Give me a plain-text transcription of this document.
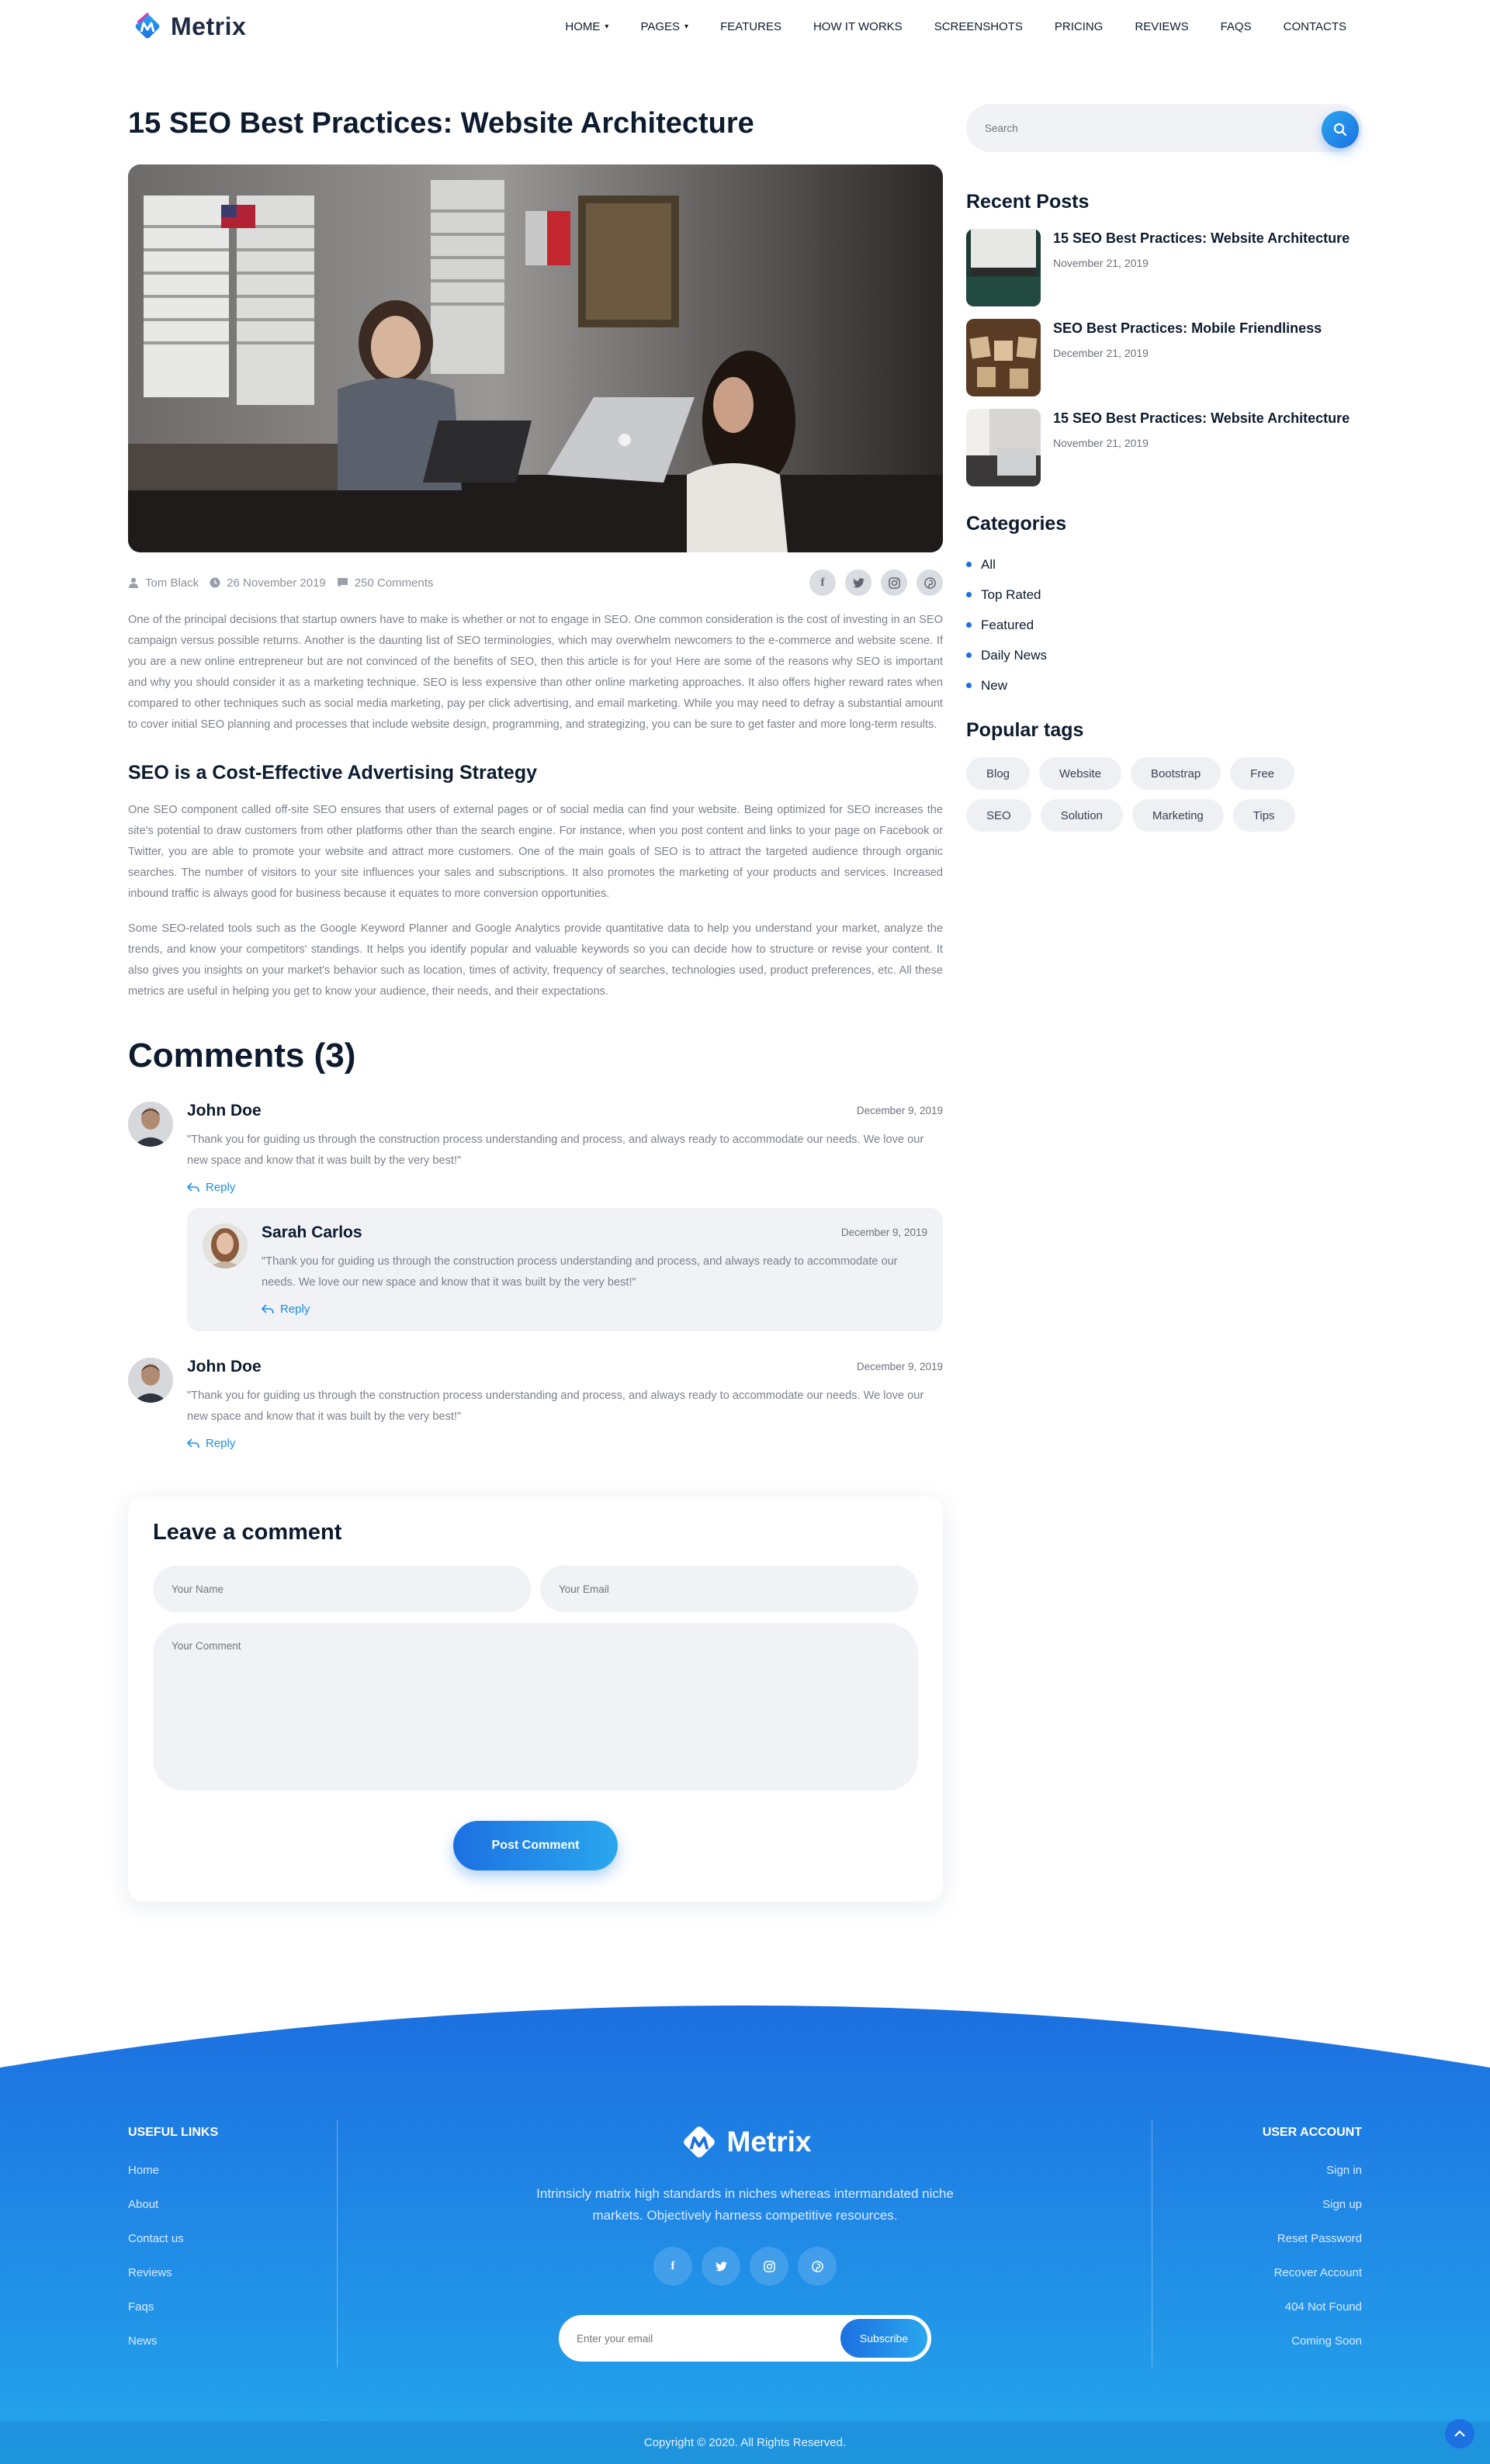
Metrix	HOME ▾	PAGES ▾	FEATURES	HOW IT WORKS	SCREENSHOTS	PRICING	REVIEWS	FAQS	CONTACTS
15 SEO Best Practices: Website Architecture
Tom Black 26 November 2019 250 Comments	f

One of the principal decisions that startup owners have to make is whether or not to engage in SEO. One common consideration is the cost of investing in an SEO campaign versus possible returns. Another is the daunting list of SEO terminologies, which may overwhelm newcomers to the e-commerce and website scene. If you are a new online entrepreneur but are not convinced of the benefits of SEO, then this article is for you! Here are some of the reasons why SEO is important and why you should consider it as a marketing technique. SEO is less expensive than other online marketing approaches. It also offers higher reward rates when compared to other techniques such as social media marketing, pay per click advertising, and email marketing. While you may need to defray a substantial amount to cover initial SEO planning and processes that include website design, programming, and strategizing, you can be sure to get faster and more long-term results.

SEO is a Cost-Effective Advertising Strategy

One SEO component called off-site SEO ensures that users of external pages or of social media can find your website. Being optimized for SEO increases the site's potential to draw customers from other platforms other than the search engine. For instance, when you post content and links to your page on Facebook or Twitter, you are able to promote your website and attract more customers. One of the main goals of SEO is to attract the targeted audience through organic searches. The number of visitors to your site influences your sales and subscriptions. It also promotes the marketing of your products and services. Increased inbound traffic is always good for business because it equates to more conversion opportunities.

Some SEO-related tools such as the Google Keyword Planner and Google Analytics provide quantitative data to help you understand your market, analyze the trends, and know your competitors' standings. It helps you identify popular and valuable keywords so you can decide how to structure or revise your content. It also gives you insights on your market's behavior such as location, times of activity, frequency of searches, technologies used, product preferences, etc. All these metrics are useful in helping you get to know your audience, their needs, and their expectations.

Comments (3)
John Doe	December 9, 2019

"Thank you for guiding us through the construction process understanding and process, and always ready to accommodate our needs. We love our new space and know that it was built by the very best!"

Reply
Sarah Carlos	December 9, 2019

"Thank you for guiding us through the construction process understanding and process, and always ready to accommodate our needs. We love our new space and know that it was built by the very best!"

Reply
John Doe	December 9, 2019

"Thank you for guiding us through the construction process understanding and process, and always ready to accommodate our needs. We love our new space and know that it was built by the very best!"

Reply
Leave a comment
Your Name
Your Email
Your Comment
Post Comment
Search
Recent Posts
15 SEO Best Practices: Website Architecture
November 21, 2019
SEO Best Practices: Mobile Friendliness
December 21, 2019
15 SEO Best Practices: Website Architecture
November 21, 2019
Categories
All
Top Rated
Featured
Daily News
New
Popular tags
Blog	Website	Bootstrap	Free
SEO	Solution	Marketing	Tips
USEFUL LINKS
Home
About
Contact us
Reviews
Faqs
News
Metrix

Intrinsicly matrix high standards in niches whereas intermandated niche markets. Objectively harness competitive resources.

f
Enter your email
Subscribe
USER ACCOUNT
Sign in
Sign up
Reset Password
Recover Account
404 Not Found
Coming Soon
Copyright © 2020. All Rights Reserved.
